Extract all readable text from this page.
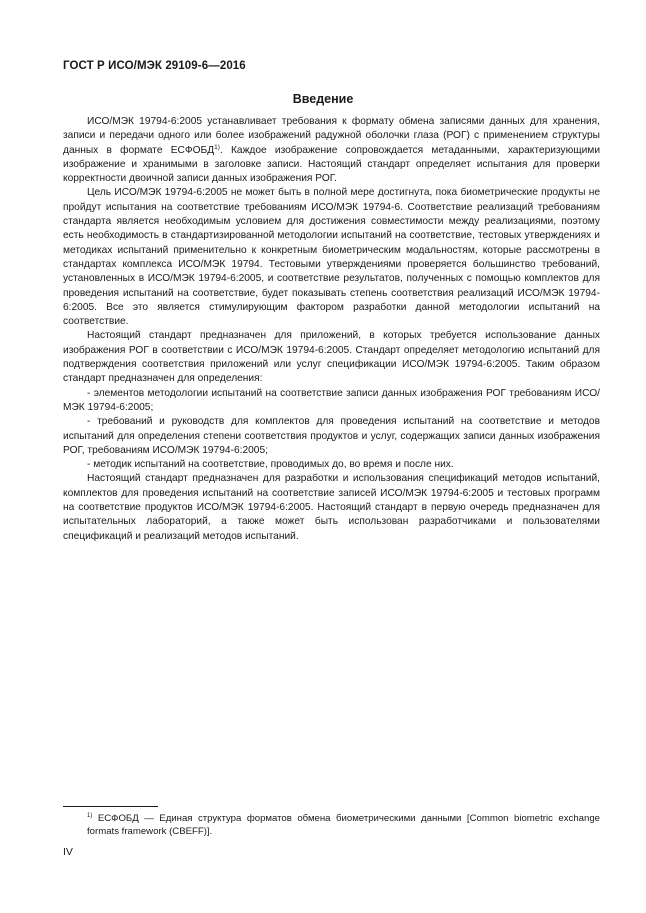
ГОСТ Р ИСО/МЭК 29109-6—2016
Введение

ИСО/МЭК 19794-6:2005 устанавливает требования к формату обмена записями данных для хранения, записи и передачи одного или более изображений радужной оболочки глаза (РОГ) с применением структуры данных в формате ЕСФОБД$^{1)}$. Каждое изображение сопровождается метаданными, характеризующими изображение и хранимыми в заголовке записи. Настоящий стандарт определяет испытания для проверки корректности двоичной записи данных изображения РОГ.

Цель ИСО/МЭК 19794-6:2005 не может быть в полной мере достигнута, пока биометрические продукты не пройдут испытания на соответствие требованиям ИСО/МЭК 19794-6. Соответствие реализаций требованиям стандарта является необходимым условием для достижения совместимости между реализациями, поэтому есть необходимость в стандартизированной методологии испытаний на соответствие, тестовых утверждениях и методиках испытаний применительно к конкретным биометрическим модальностям, которые рассмотрены в стандартах комплекса ИСО/МЭК 19794. Тестовыми утверждениями проверяется большинство требований, установленных в ИСО/МЭК 19794-6:2005, и соответствие результатов, полученных с помощью комплектов для проведения испытаний на соответствие, будет показывать степень соответствия реализаций ИСО/МЭК 19794-6:2005. Все это является стимулирующим фактором разработки данной методологии испытаний на соответствие.

Настоящий стандарт предназначен для приложений, в которых требуется использование данных изображения РОГ в соответствии с ИСО/МЭК 19794-6:2005. Стандарт определяет методологию испытаний для подтверждения соответствия приложений или услуг спецификации ИСО/МЭК 19794-6:2005. Таким образом стандарт предназначен для определения:

- элементов методологии испытаний на соответствие записи данных изображения РОГ требованиям ИСО/МЭК 19794-6:2005;

- требований и руководств для комплектов для проведения испытаний на соответствие и методов испытаний для определения степени соответствия продуктов и услуг, содержащих записи данных изображения РОГ, требованиям ИСО/МЭК 19794-6:2005;

- методик испытаний на соответствие, проводимых до, во время и после них.

Настоящий стандарт предназначен для разработки и использования спецификаций методов испытаний, комплектов для проведения испытаний на соответствие записей ИСО/МЭК 19794-6:2005 и тестовых программ на соответствие продуктов ИСО/МЭК 19794-6:2005. Настоящий стандарт в первую очередь предназначен для испытательных лабораторий, а также может быть использован разработчиками и пользователями спецификаций и реализаций методов испытаний.

$^{1)}$ ЕСФОБД — Единая структура форматов обмена биометрическими данными [Common biometric exchange formats framework (CBEFF)].
IV
